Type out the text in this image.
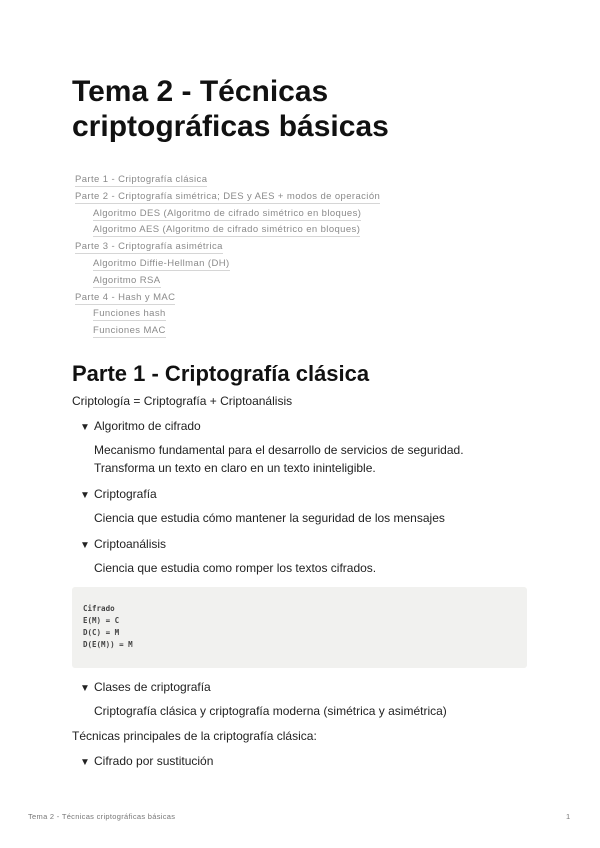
Tema 2 - Técnicas criptográficas básicas
Parte 1 - Criptografía clásica
Parte 2 - Criptografía simétrica; DES y AES + modos de operación
Algoritmo DES (Algoritmo de cifrado simétrico en bloques)
Algoritmo AES (Algoritmo de cifrado simétrico en bloques)
Parte 3 - Criptografía asimétrica
Algoritmo Diffie-Hellman (DH)
Algoritmo RSA
Parte 4 - Hash y MAC
Funciones hash
Funciones MAC
Parte 1 - Criptografía clásica
Criptología = Criptografía + Criptoanálisis
▼ Algoritmo de cifrado
Mecanismo fundamental para el desarrollo de servicios de seguridad.
Transforma un texto en claro en un texto ininteligible.
▼ Criptografía
Ciencia que estudia cómo mantener la seguridad de los mensajes
▼ Criptoanálisis
Ciencia que estudia como romper los textos cifrados.
Cifrado
E(M) = C
D(C) = M
D(E(M)) = M
▼ Clases de criptografía
Criptografía clásica y criptografía moderna (simétrica y asimétrica)
Técnicas principales de la criptografía clásica:
▼ Cifrado por sustitución
Tema 2 - Técnicas criptográficas básicas	1
